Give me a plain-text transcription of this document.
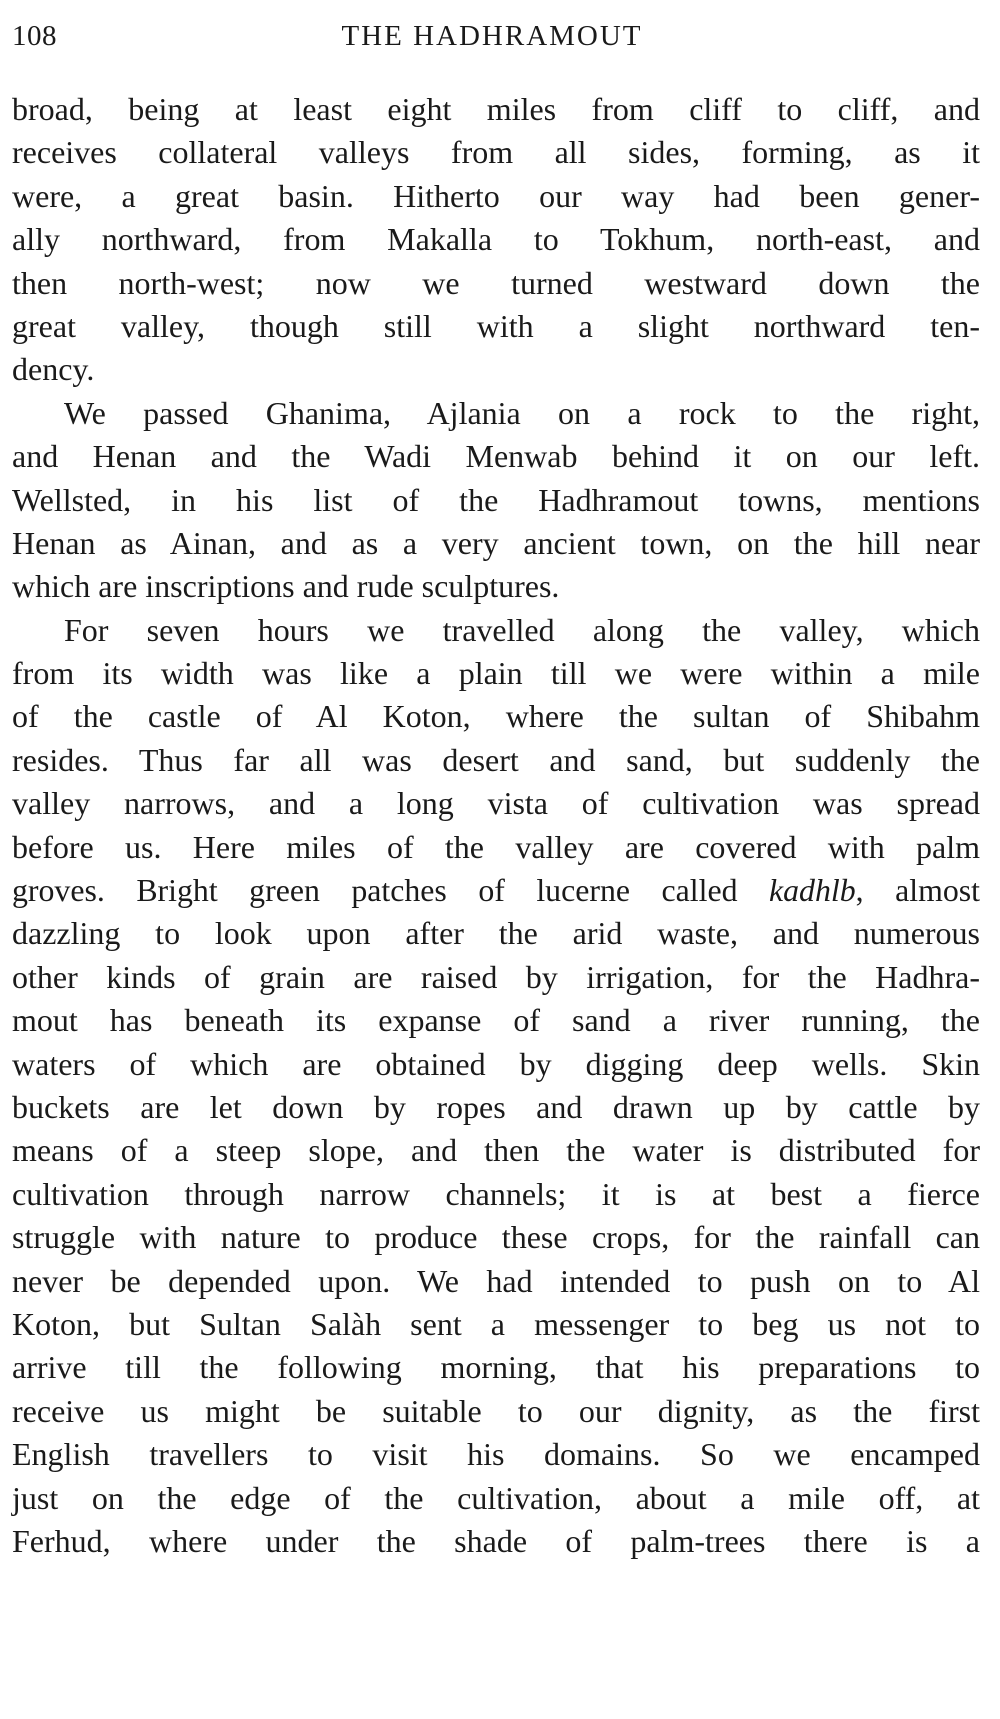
108	THE HADHRAMOUT
broad, being at least eight miles from cliff to cliff, and
receives collateral valleys from all sides, forming, as it
were, a great basin. Hitherto our way had been gener-
ally northward, from Makalla to Tokhum, north-east, and
then north-west; now we turned westward down the
great valley, though still with a slight northward ten-
dency.
We passed Ghanima, Ajlania on a rock to the right,
and Henan and the Wadi Menwab behind it on our left.
Wellsted, in his list of the Hadhramout towns, mentions
Henan as Ainan, and as a very ancient town, on the hill near
which are inscriptions and rude sculptures.
For seven hours we travelled along the valley, which
from its width was like a plain till we were within a mile
of the castle of Al Koton, where the sultan of Shibahm
resides. Thus far all was desert and sand, but suddenly the
valley narrows, and a long vista of cultivation was spread
before us. Here miles of the valley are covered with palm
groves. Bright green patches of lucerne called kadhlb, almost
dazzling to look upon after the arid waste, and numerous
other kinds of grain are raised by irrigation, for the Hadhra-
mout has beneath its expanse of sand a river running, the
waters of which are obtained by digging deep wells. Skin
buckets are let down by ropes and drawn up by cattle by
means of a steep slope, and then the water is distributed for
cultivation through narrow channels; it is at best a fierce
struggle with nature to produce these crops, for the rainfall can
never be depended upon. We had intended to push on to Al
Koton, but Sultan Salàh sent a messenger to beg us not to
arrive till the following morning, that his preparations to
receive us might be suitable to our dignity, as the first
English travellers to visit his domains. So we encamped
just on the edge of the cultivation, about a mile off, at
Ferhud, where under the shade of palm-trees there is a
